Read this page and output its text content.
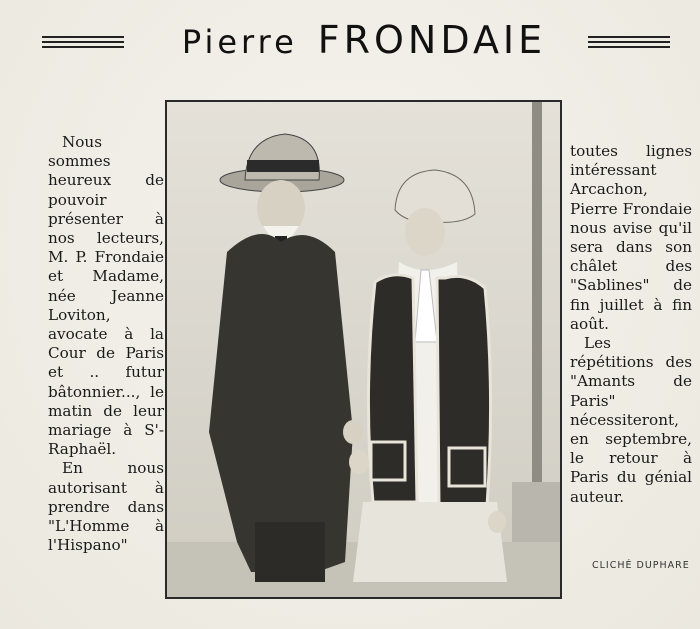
Pierre FRONDAIE

Nous sommes heureux de pouvoir présenter à nos lecteurs, M. P. Frondaie et Madame, née Jeanne Loviton, avocate à la Cour de Paris et .. futur bâtonnier..., le matin de leur mariage à S'-Raphaël.

En nous autorisant à prendre dans "L'Homme à l'Hispano"

toutes lignes intéressant Arcachon, Pierre Frondaie nous avise qu'il sera dans son châlet des "Sablines" de fin juillet à fin août.

Les répétitions des "Amants de Paris" nécessiteront, en septembre, le retour à Paris du génial auteur.

CLICHÉ DUPHARE
